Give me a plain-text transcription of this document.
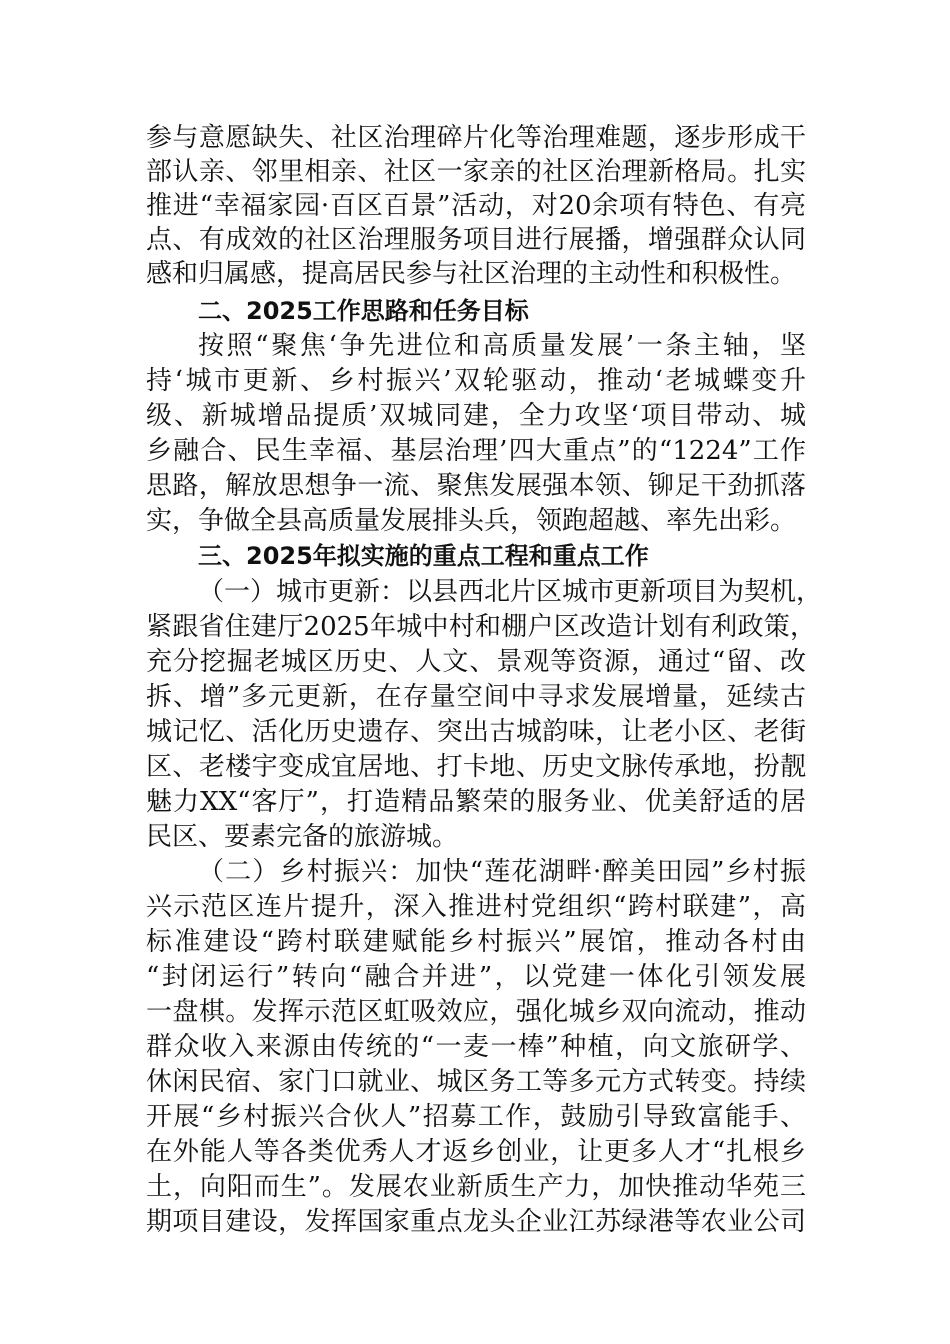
参与意愿缺失、社区治理碎片化等治理难题，逐步形成干
部认亲、邻里相亲、社区一家亲的社区治理新格局。扎实
推进“幸福家园·百区百景”活动，对20余项有特色、有亮
点、有成效的社区治理服务项目进行展播，增强群众认同
感和归属感，提高居民参与社区治理的主动性和积极性。
二、2025工作思路和任务目标
按照“聚焦‘争先进位和高质量发展’一条主轴，坚
持‘城市更新、乡村振兴’双轮驱动，推动‘老城蝶变升
级、新城增品提质’双城同建，全力攻坚‘项目带动、城
乡融合、民生幸福、基层治理’四大重点”的“1224”工作
思路，解放思想争一流、聚焦发展强本领、铆足干劲抓落
实，争做全县高质量发展排头兵，领跑超越、率先出彩。
三、2025年拟实施的重点工程和重点工作
（一）城市更新：以县西北片区城市更新项目为契机，
紧跟省住建厅2025年城中村和棚户区改造计划有利政策，
充分挖掘老城区历史、人文、景观等资源，通过“留、改
拆、增”多元更新，在存量空间中寻求发展增量，延续古
城记忆、活化历史遗存、突出古城韵味，让老小区、老街
区、老楼宇变成宜居地、打卡地、历史文脉传承地，扮靓
魅力XX“客厅”，打造精品繁荣的服务业、优美舒适的居
民区、要素完备的旅游城。
（二）乡村振兴：加快“莲花湖畔·醉美田园”乡村振
兴示范区连片提升，深入推进村党组织“跨村联建”，高
标准建设“跨村联建赋能乡村振兴”展馆，推动各村由
“封闭运行”转向“融合并进”，以党建一体化引领发展
一盘棋。发挥示范区虹吸效应，强化城乡双向流动，推动
群众收入来源由传统的“一麦一棒”种植，向文旅研学、
休闲民宿、家门口就业、城区务工等多元方式转变。持续
开展“乡村振兴合伙人”招募工作，鼓励引导致富能手、
在外能人等各类优秀人才返乡创业，让更多人才“扎根乡
土，向阳而生”。发展农业新质生产力，加快推动华苑三
期项目建设，发挥国家重点龙头企业江苏绿港等农业公司
